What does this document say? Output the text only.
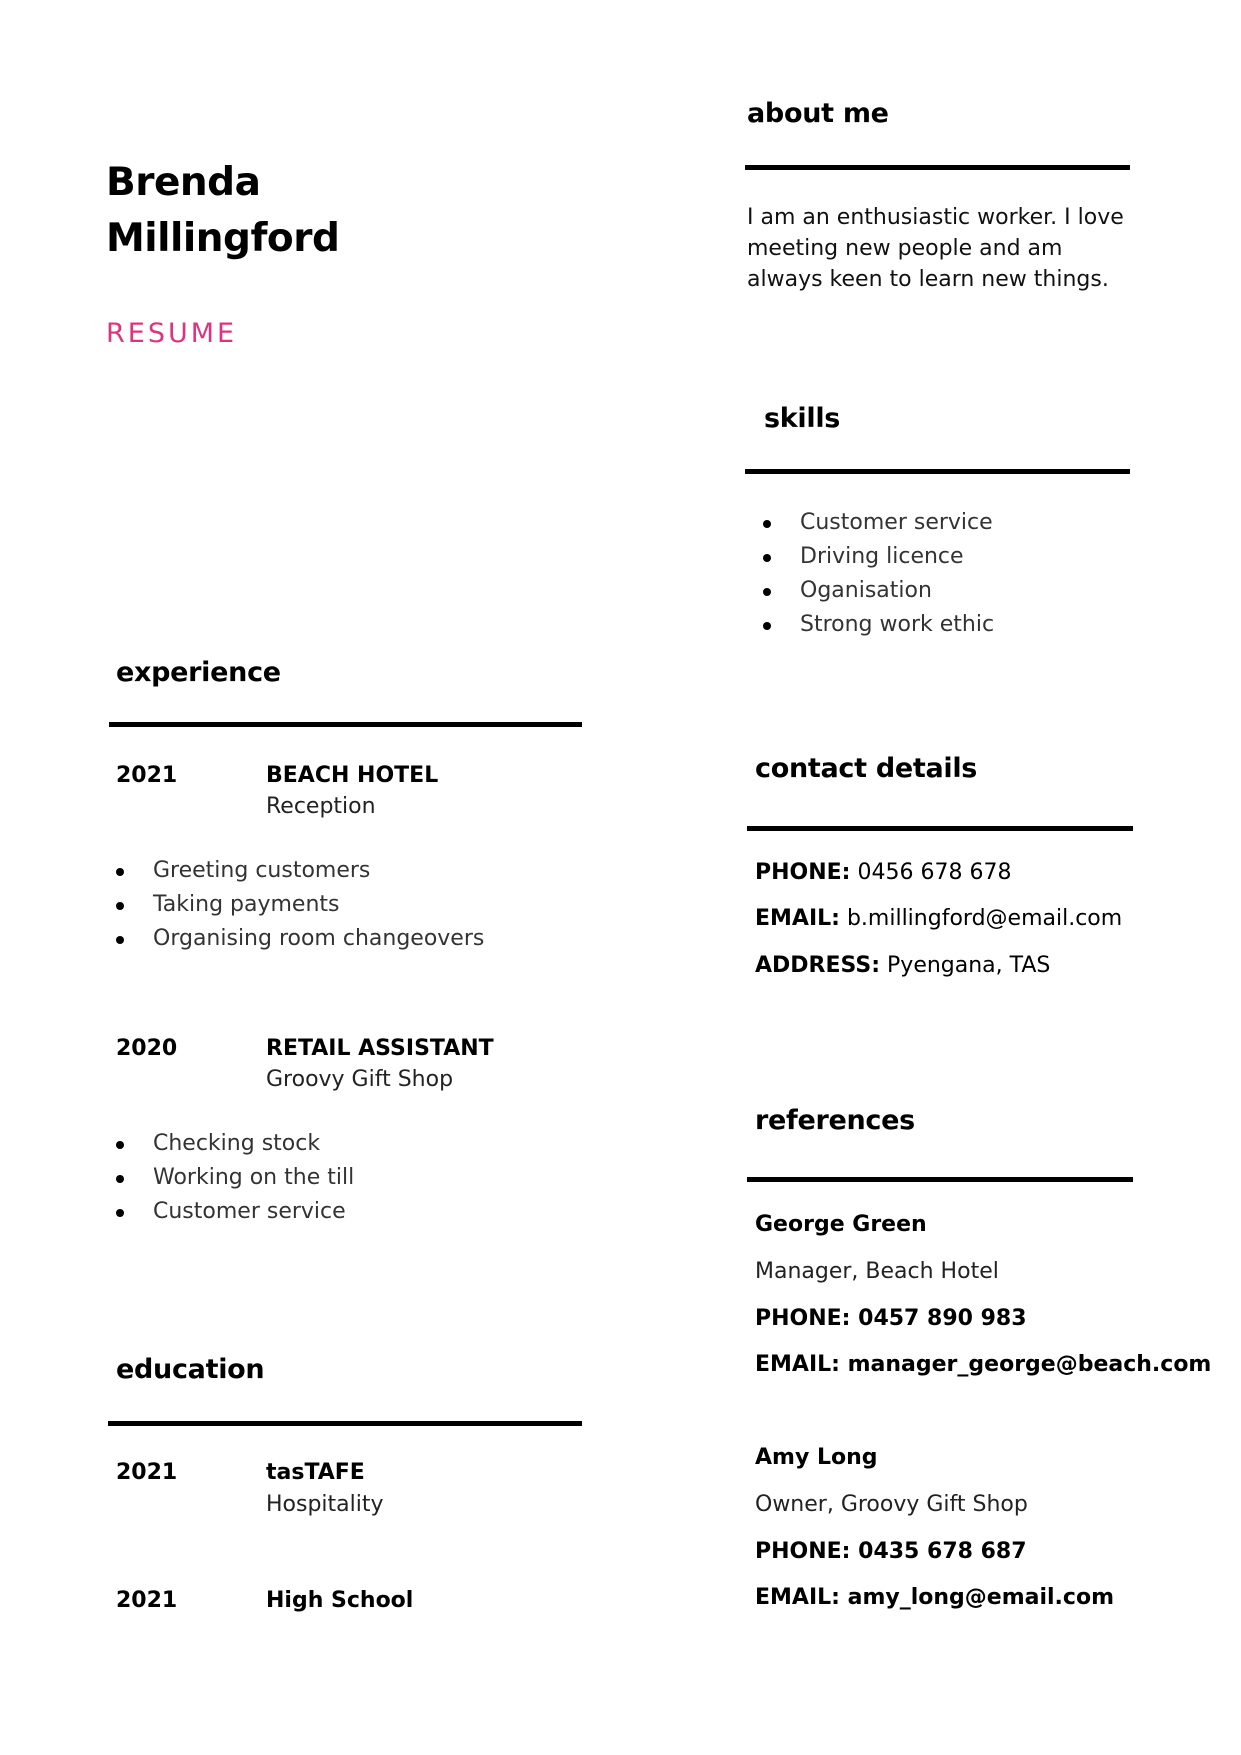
Brenda
Millingford
RESUME
about me
I am an enthusiastic worker. I love
meeting new people and am
always keen to learn new things.
skills
Customer service
Driving licence
Oganisation
Strong work ethic
experience
2021	BEACH HOTEL
Reception
Greeting customers
Taking payments
Organising room changeovers
2020	RETAIL ASSISTANT
Groovy Gift Shop
Checking stock
Working on the till
Customer service
education
2021	tasTAFE
Hospitality
2021	High School
contact details
PHONE: 0456 678 678
EMAIL: b.millingford@email.com
ADDRESS: Pyengana, TAS
references
George Green
Manager, Beach Hotel
PHONE: 0457 890 983
EMAIL: manager_george@beach.com
Amy Long
Owner, Groovy Gift Shop
PHONE: 0435 678 687
EMAIL: amy_long@email.com
